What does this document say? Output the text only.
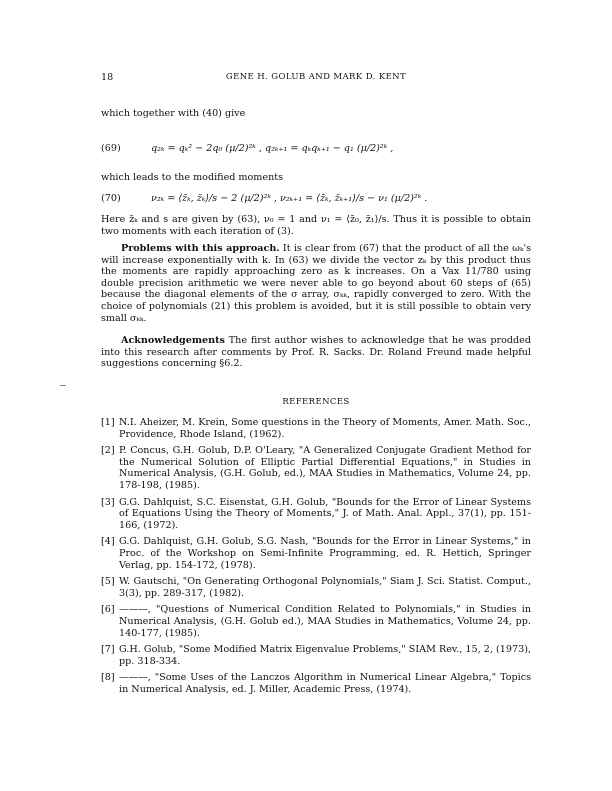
18	GENE H. GOLUB AND MARK D. KENT
which together with (40) give
(69)	q₂ₖ = qₖ² − 2q₀ (μ/2)²ᵏ , q₂ₖ₊₁ = qₖqₖ₊₁ − q₁ (μ/2)²ᵏ ,
which leads to the modified moments
(70)	ν₂ₖ = ⟨z̃ₖ, z̃ₖ⟩/s − 2 (μ/2)²ᵏ , ν₂ₖ₊₁ = ⟨z̃ₖ, z̃ₖ₊₁⟩/s − ν₁ (μ/2)²ᵏ .
Here z̃ₖ and s are given by (63), ν₀ = 1 and ν₁ = ⟨z̃₀, z̃₁⟩/s. Thus it is possible to obtain two moments with each iteration of (3).
Problems with this approach. It is clear from (67) that the product of all the ωₖ's will increase exponentially with k. In (63) we divide the vector zₖ by this product thus the moments are rapidly approaching zero as k increases. On a Vax 11/780 using double precision arithmetic we were never able to go beyond about 60 steps of (65) because the diagonal elements of the σ array, σₖₖ, rapidly converged to zero. With the choice of polynomials (21) this problem is avoided, but it is still possible to obtain very small σₖₖ.
Acknowledgements The first author wishes to acknowledge that he was prodded into this research after comments by Prof. R. Sacks. Dr. Roland Freund made helpful suggestions concerning §6.2.
REFERENCES
[1] N.I. Aheizer, M. Krein, Some questions in the Theory of Moments, Amer. Math. Soc., Providence, Rhode Island, (1962).
[2] P. Concus, G.H. Golub, D.P. O'Leary, "A Generalized Conjugate Gradient Method for the Numerical Solution of Elliptic Partial Differential Equations," in Studies in Numerical Analysis, (G.H. Golub, ed.), MAA Studies in Mathematics, Volume 24, pp. 178-198, (1985).
[3] G.G. Dahlquist, S.C. Eisenstat, G.H. Golub, "Bounds for the Error of Linear Systems of Equations Using the Theory of Moments," J. of Math. Anal. Appl., 37(1), pp. 151-166, (1972).
[4] G.G. Dahlquist, G.H. Golub, S.G. Nash, "Bounds for the Error in Linear Systems," in Proc. of the Workshop on Semi-Infinite Programming, ed. R. Hettich, Springer Verlag, pp. 154-172, (1978).
[5] W. Gautschi, "On Generating Orthogonal Polynomials," Siam J. Sci. Statist. Comput., 3(3), pp. 289-317, (1982).
[6] ———, "Questions of Numerical Condition Related to Polynomials," in Studies in Numerical Analysis, (G.H. Golub ed.), MAA Studies in Mathematics, Volume 24, pp. 140-177, (1985).
[7] G.H. Golub, "Some Modified Matrix Eigenvalue Problems," SIAM Rev., 15, 2, (1973), pp. 318-334.
[8] ———, "Some Uses of the Lanczos Algorithm in Numerical Linear Algebra," Topics in Numerical Analysis, ed. J. Miller, Academic Press, (1974).
